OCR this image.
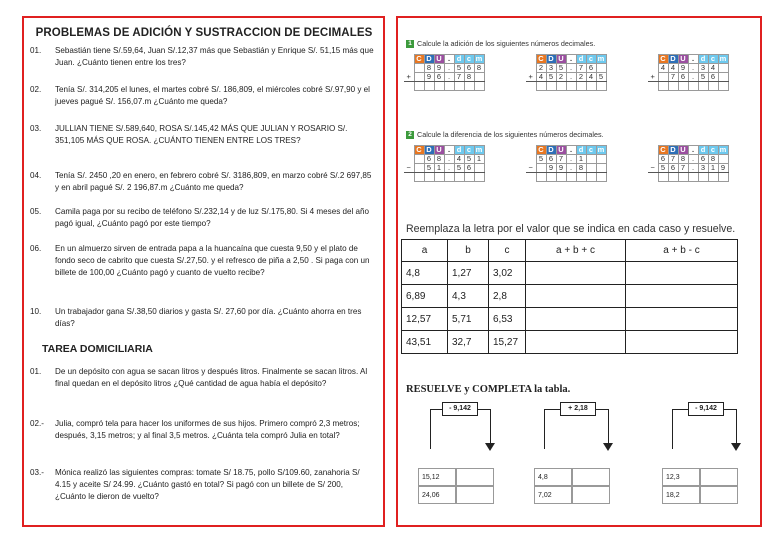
PROBLEMAS DE ADICIÓN Y SUSTRACCION DE DECIMALES
01.	Sebastián tiene S/.59,64, Juan S/.12,37 más que Sebastián y Enrique S/. 51,15 más que Juan. ¿Cuánto tienen entre los tres?
02.	Tenía S/. 314,205 el lunes, el martes cobré S/. 186,809, el miércoles cobré S/.97,90 y el jueves pagué S/. 156,07.m ¿Cuánto me queda?
03.	JULLIAN TIENE S/.589,640, ROSA S/.145,42 MÁS QUE JULIAN Y ROSARIO S/. 351,105 MÁS QUE ROSA. ¿CUÁNTO TIENEN ENTRE LOS TRES?
04.	Tenía S/. 2450 ,20 en enero, en febrero cobré S/. 3186,809, en marzo cobré S/.2 697,85 y en abril pagué S/. 2 196,87.m ¿Cuánto me queda?
05.	Camila paga por su recibo de teléfono S/.232,14 y de luz S/.175,80. Si 4 meses del año pagó igual, ¿Cuánto pagó por este tiempo?
06.	En un almuerzo sirven de entrada papa a la huancaína que cuesta 9,50 y el plato de fondo seco de cabrito que cuesta S/.27,50. y el refresco de piña a 2,50 . Si paga con un billete de 100,00 ¿Cuánto pagó y cuanto de vuelto recibe?
10.	Un trabajador gana S/.38,50 diarios y gasta S/. 27,60 por día. ¿Cuánto ahorra en tres días?
TAREA DOMICILIARIA
01.	De un depósito con agua se sacan litros y después litros. Finalmente se sacan litros. Al final quedan en el depósito litros ¿Qué cantidad de agua había el depósito?
02.-	Julia, compró tela para hacer los uniformes de sus hijos. Primero compró 2,3 metros; después, 3,15 metros; y al final 3,5 metros. ¿Cuánta tela compró Julia en total?
03.-	Mónica realizó las siguientes compras: tomate S/ 18.75, pollo S/109.60, zanahoria S/ 4.15 y aceite S/ 24.99. ¿Cuánto gastó en total? Si pagó con un billete de S/ 200, ¿Cuánto le dieron de vuelto?
1 Calcule la adición de los siguientes números decimales.
	C	D	U	.	d	c	m
		8	9	.	5	6	8
+		9	6	.	7	8	

	C	D	U	.	d	c	m
	2	3	5	.	7	6	
+	4	5	2	.	2	4	5

	C	D	U	.	d	c	m
	4	4	9	.	3	4	
+		7	6	.	5	6	

2 Calcule la diferencia de los siguientes números decimales.
	C	D	U	.	d	c	m
		6	8	.	4	5	1
−		5	1	.	5	6	

	C	D	U	.	d	c	m
	5	6	7	.	1		
−		9	9	.	8		

	C	D	U	.	d	c	m
	6	7	8	.	6	8	
−	5	6	7	.	3	1	9

Reemplaza la letra por el valor que se indica en cada caso y resuelve.
a	b	c	a + b + c	a + b - c
4,8	1,27	3,02		
6,89	4,3	2,8		
12,57	5,71	6,53		
43,51	32,7	15,27		
RESUELVE y COMPLETA la tabla.
- 9,142
15,12
24,06
+ 2,18
4,8
7,02
- 9,142
12,3
18,2
